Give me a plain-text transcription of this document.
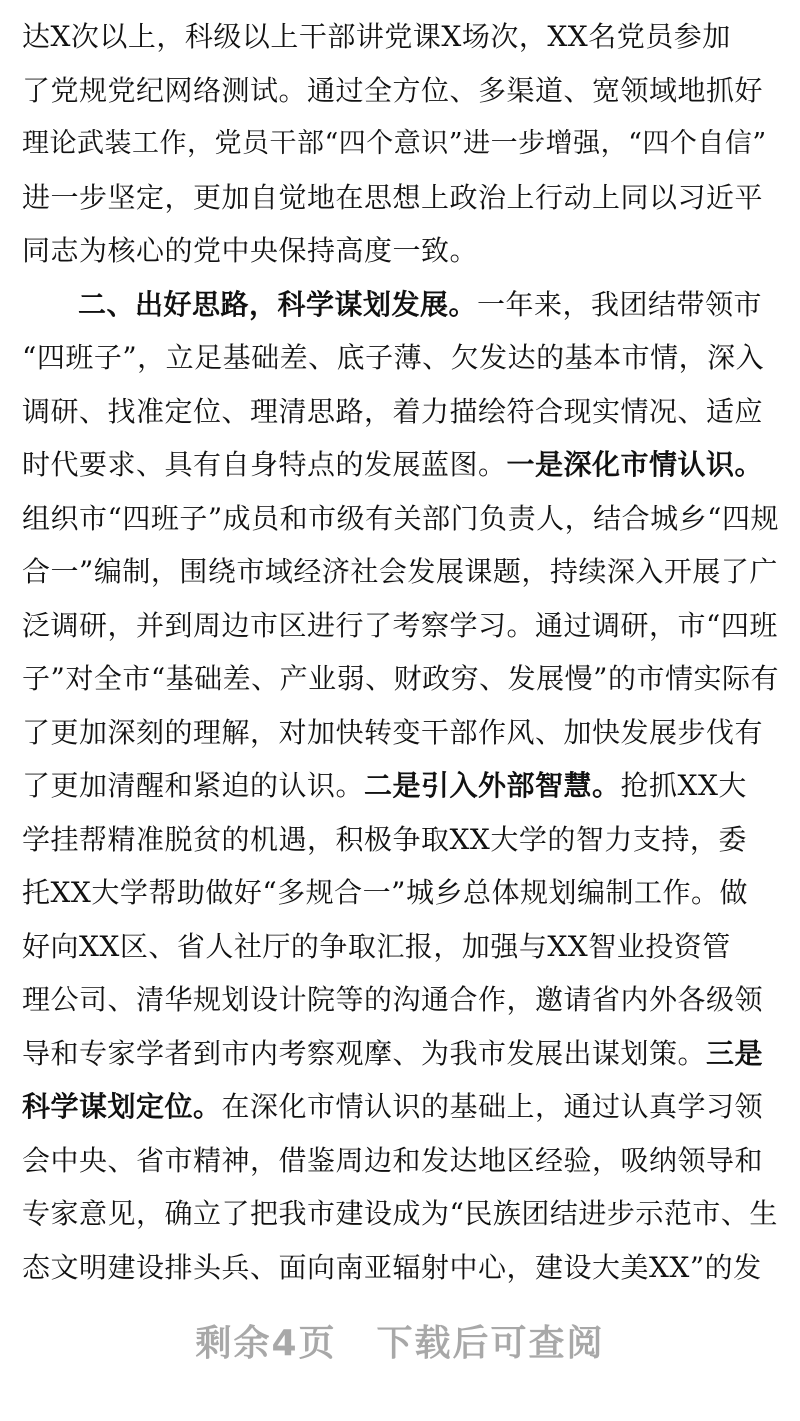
达X次以上，科级以上干部讲党课X场次，XX名党员参加
了党规党纪网络测试。通过全方位、多渠道、宽领域地抓好
理论武装工作，党员干部“四个意识”进一步增强，“四个自信”
进一步坚定，更加自觉地在思想上政治上行动上同以习近平
同志为核心的党中央保持高度一致。
二、出好思路，科学谋划发展。一年来，我团结带领市
“四班子”，立足基础差、底子薄、欠发达的基本市情，深入
调研、找准定位、理清思路，着力描绘符合现实情况、适应
时代要求、具有自身特点的发展蓝图。一是深化市情认识。
组织市“四班子”成员和市级有关部门负责人，结合城乡“四规
合一”编制，围绕市域经济社会发展课题，持续深入开展了广
泛调研，并到周边市区进行了考察学习。通过调研，市“四班
子”对全市“基础差、产业弱、财政穷、发展慢”的市情实际有
了更加深刻的理解，对加快转变干部作风、加快发展步伐有
了更加清醒和紧迫的认识。二是引入外部智慧。抢抓XX大
学挂帮精准脱贫的机遇，积极争取XX大学的智力支持，委
托XX大学帮助做好“多规合一”城乡总体规划编制工作。做
好向XX区、省人社厅的争取汇报，加强与XX智业投资管
理公司、清华规划设计院等的沟通合作，邀请省内外各级领
导和专家学者到市内考察观摩、为我市发展出谋划策。三是
科学谋划定位。在深化市情认识的基础上，通过认真学习领
会中央、省市精神，借鉴周边和发达地区经验，吸纳领导和
专家意见，确立了把我市建设成为“民族团结进步示范市、生
态文明建设排头兵、面向南亚辐射中心，建设大美XX”的发
剩余4页 下载后可查阅
